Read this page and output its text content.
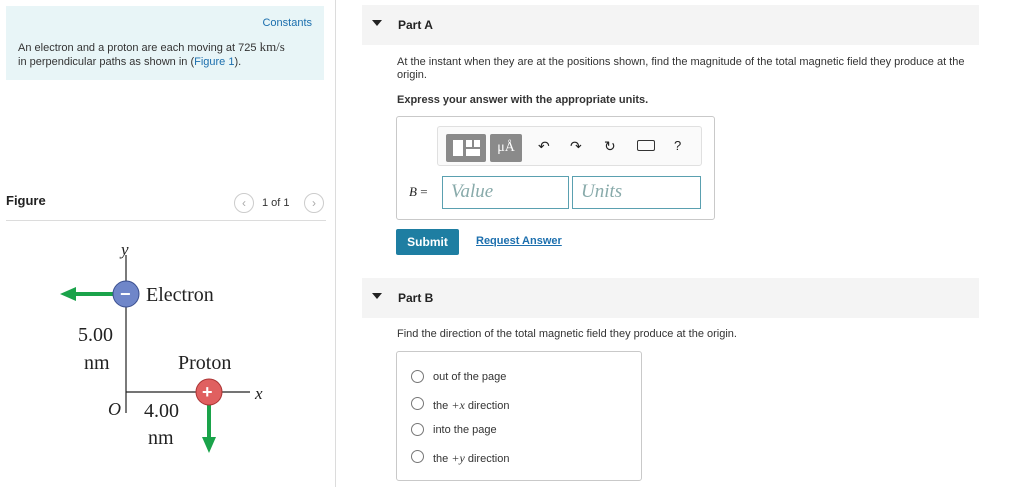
Constants
An electron and a proton are each moving at 725 km/s
in perpendicular paths as shown in (Figure 1).
Figure	‹	1 of 1	›
y
x
O
− Electron
5.00
nm	Proton
+
4.00
nm
Part A
At the instant when they are at the positions shown, find the magnitude of the total magnetic field they produce at the origin.
Express your answer with the appropriate units.
μÅ	↶ ↷ ↻	?
B =	Value	Units
Submit	Request Answer
Part B
Find the direction of the total magnetic field they produce at the origin.
out of the page
the +x direction
into the page
the +y direction
